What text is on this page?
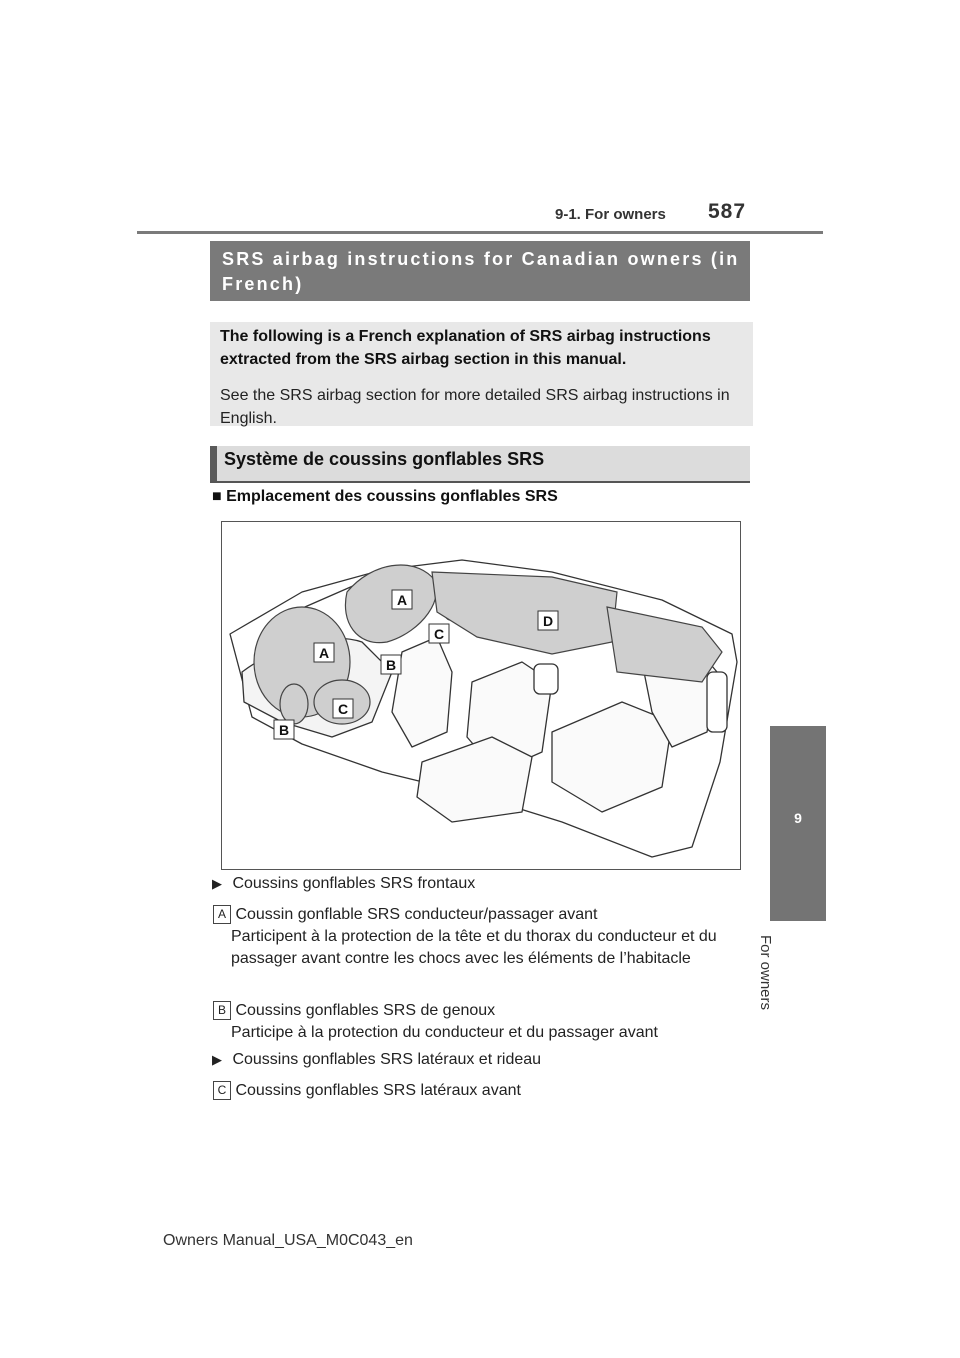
9-1. For owners 587
9
For owners
SRS airbag instructions for Canadian owners (in French)
The following is a French explanation of SRS airbag instructions extracted from the SRS airbag section in this manual.
See the SRS airbag section for more detailed SRS airbag instructions in English.
Système de coussins gonflables SRS
■ Emplacement des coussins gonflables SRS
A
A
B
B
C
C
D
▶ Coussins gonflables SRS frontaux
A Coussin gonflable SRS conducteur/passager avant
Participent à la protection de la tête et du thorax du conducteur et du passager avant contre les chocs avec les éléments de l’habitacle
B Coussins gonflables SRS de genoux
Participe à la protection du conducteur et du passager avant
▶ Coussins gonflables SRS latéraux et rideau
C Coussins gonflables SRS latéraux avant
Owners Manual_USA_M0C043_en
